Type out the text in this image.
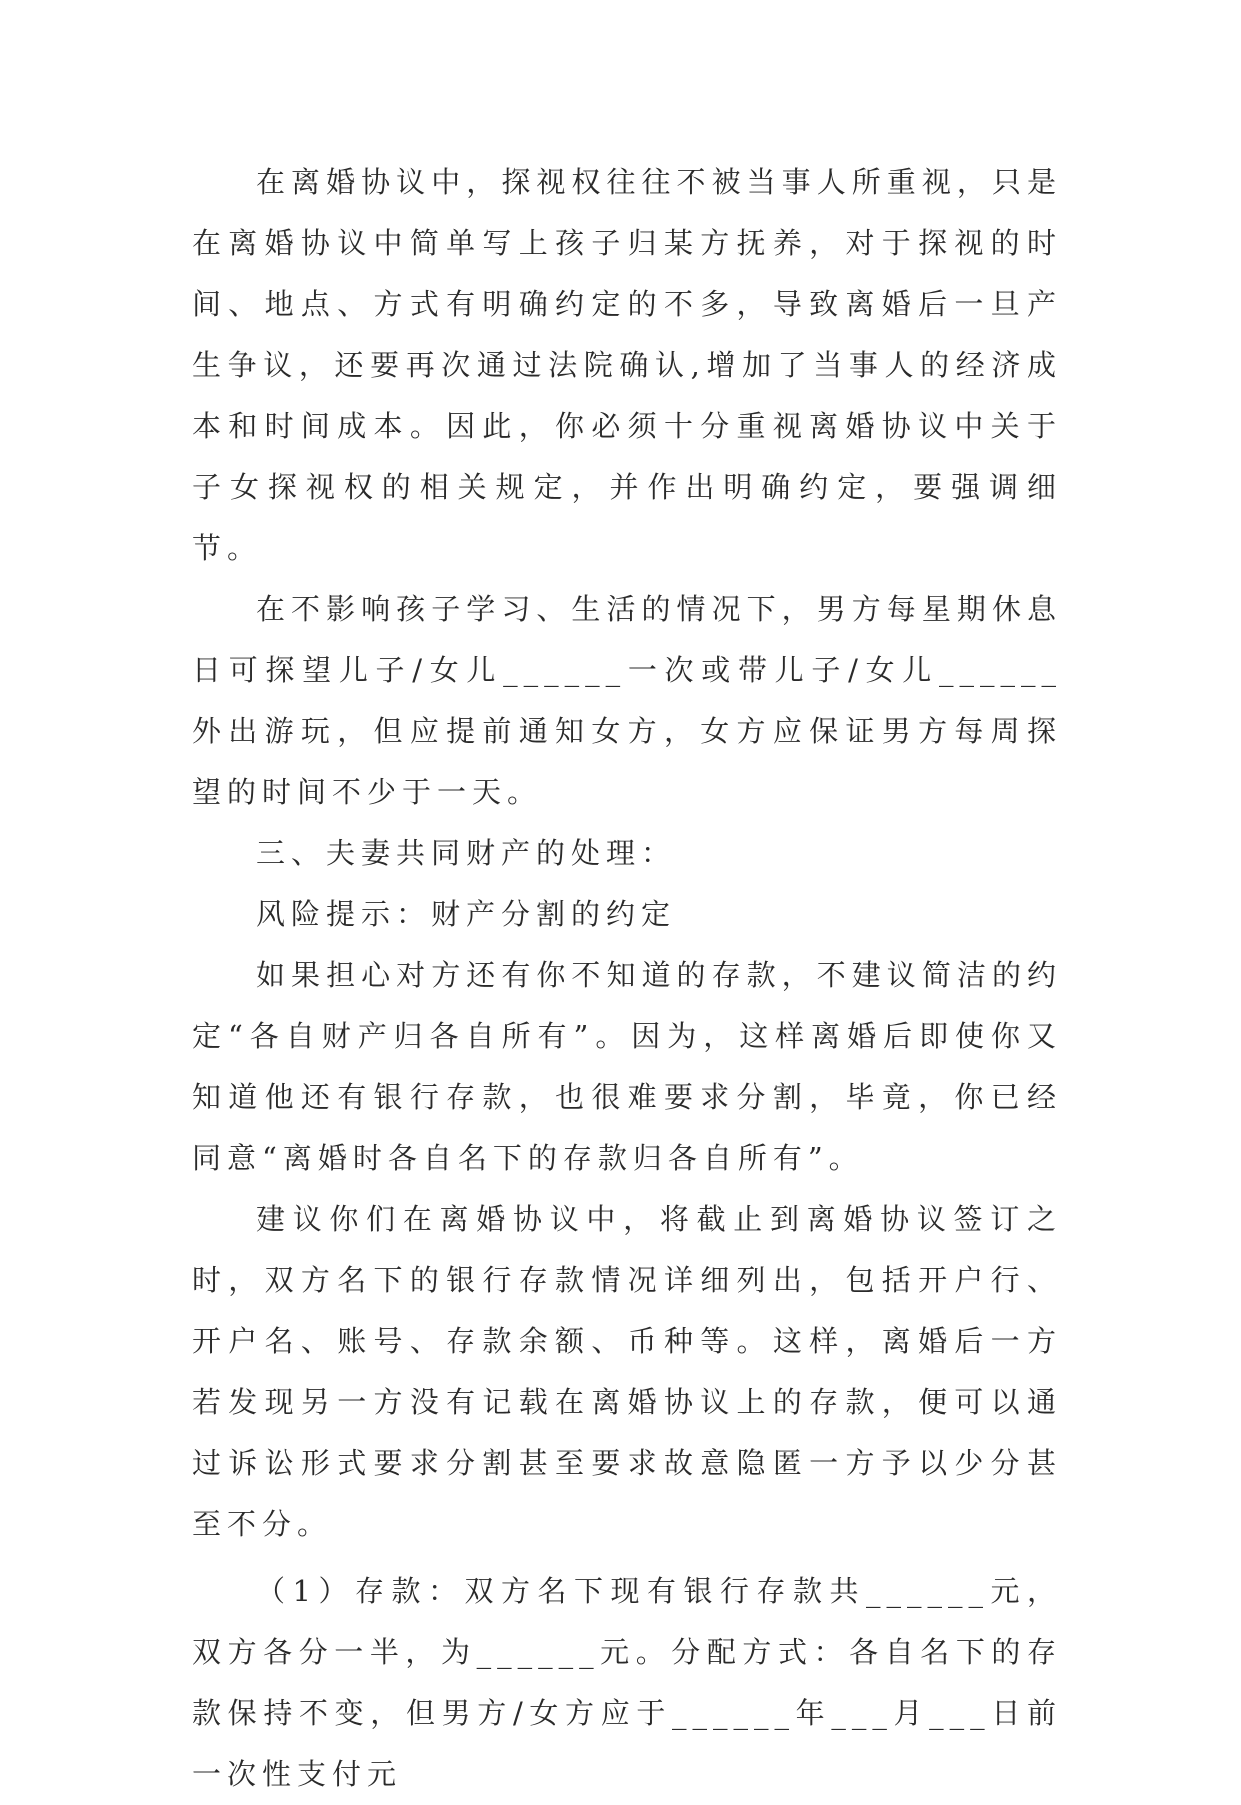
在离婚协议中，探视权往往不被当事人所重视，只是在离婚协议中简单写上孩子归某方抚养，对于探视的时间、地点、方式有明确约定的不多，导致离婚后一旦产生争议，还要再次通过法院确认,增加了当事人的经济成本和时间成本。因此，你必须十分重视离婚协议中关于子女探视权的相关规定，并作出明确约定，要强调细节。

在不影响孩子学习、生活的情况下，男方每星期休息日可探望儿子/女儿______一次或带儿子/女儿______外出游玩，但应提前通知女方，女方应保证男方每周探望的时间不少于一天。

三、夫妻共同财产的处理：

风险提示：财产分割的约定

如果担心对方还有你不知道的存款，不建议简洁的约定“各自财产归各自所有”。因为，这样离婚后即使你又知道他还有银行存款，也很难要求分割，毕竟，你已经同意“离婚时各自名下的存款归各自所有”。

建议你们在离婚协议中，将截止到离婚协议签订之时，双方名下的银行存款情况详细列出，包括开户行、开户名、账号、存款余额、币种等。这样，离婚后一方若发现另一方没有记载在离婚协议上的存款，便可以通过诉讼形式要求分割甚至要求故意隐匿一方予以少分甚至不分。

（1）存款：双方名下现有银行存款共______元，双方各分一半，为______元。分配方式：各自名下的存款保持不变，但男方/女方应于______年___月___日前一次性支付元
